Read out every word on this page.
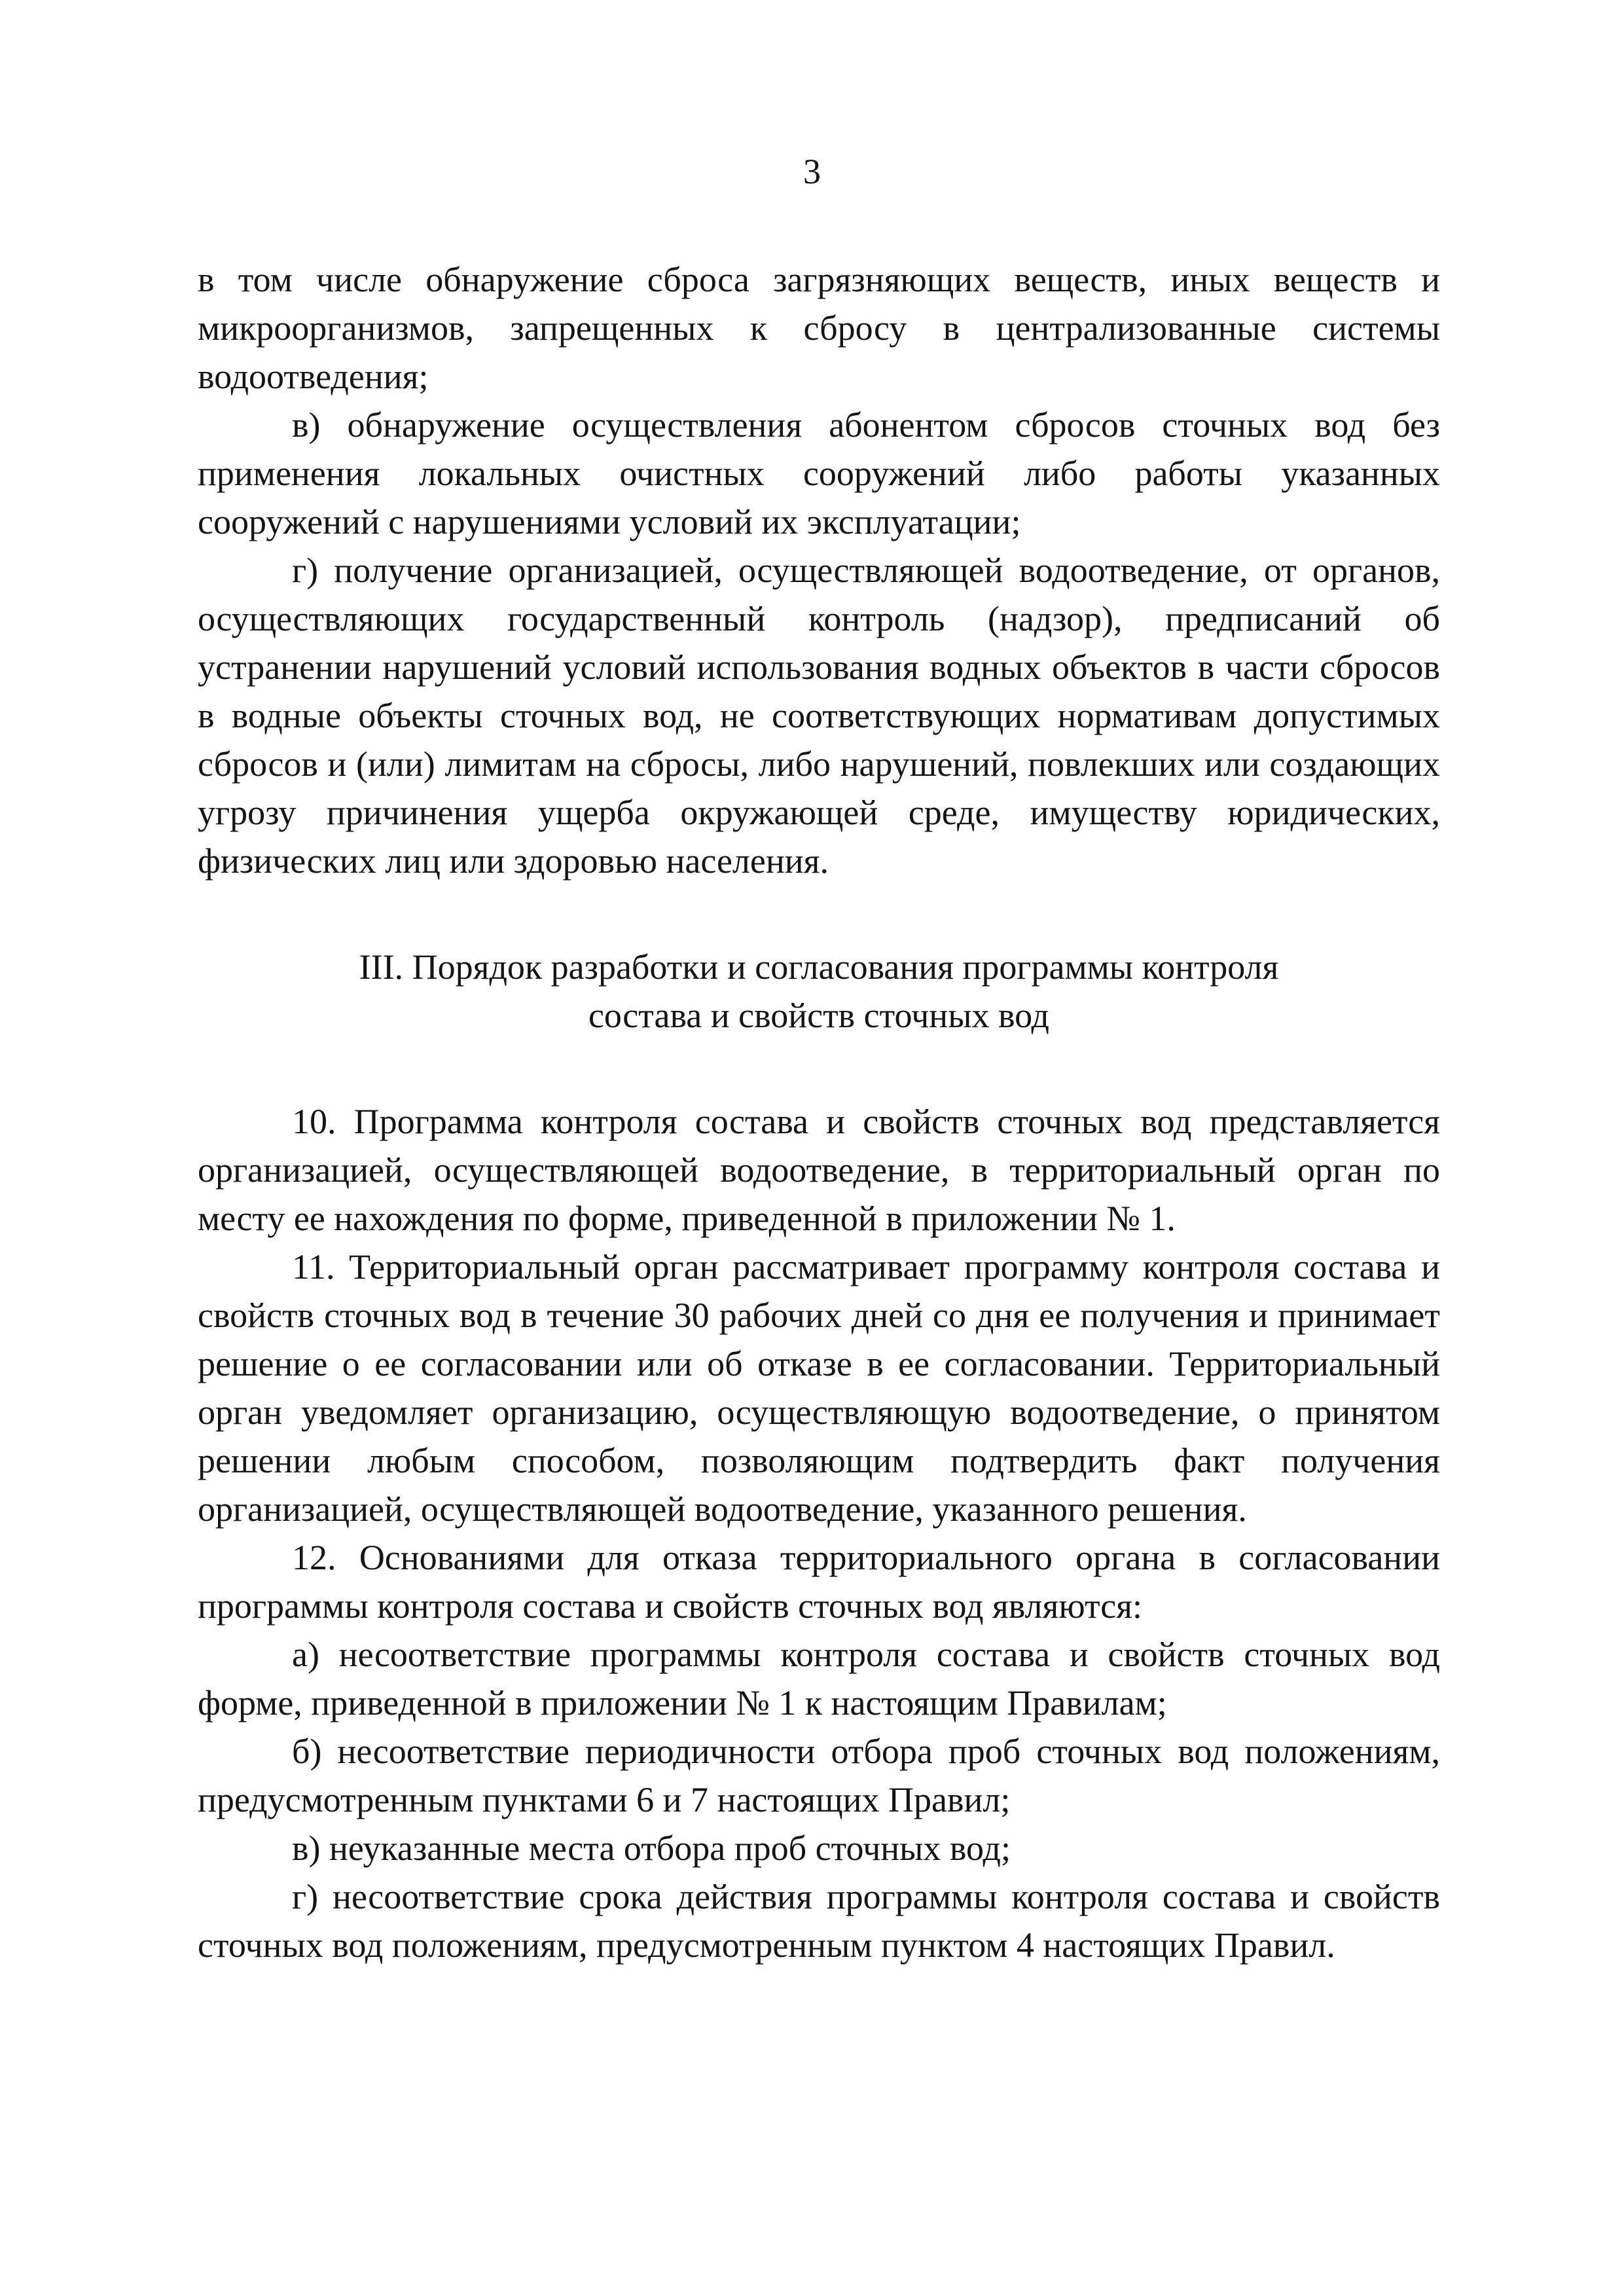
3

в том числе обнаружение сброса загрязняющих веществ, иных веществ и микроорганизмов, запрещенных к сбросу в централизованные системы водоотведения;

в) обнаружение осуществления абонентом сбросов сточных вод без применения локальных очистных сооружений либо работы указанных сооружений с нарушениями условий их эксплуатации;

г) получение организацией, осуществляющей водоотведение, от органов, осуществляющих государственный контроль (надзор), предписаний об устранении нарушений условий использования водных объектов в части сбросов в водные объекты сточных вод, не соответствующих нормативам допустимых сбросов и (или) лимитам на сбросы, либо нарушений, повлекших или создающих угрозу причинения ущерба окружающей среде, имуществу юридических, физических лиц или здоровью населения.

III. Порядок разработки и согласования программы контроля
состава и свойств сточных вод

10. Программа контроля состава и свойств сточных вод представляется организацией, осуществляющей водоотведение, в территориальный орган по месту ее нахождения по форме, приведенной в приложении № 1.

11. Территориальный орган рассматривает программу контроля состава и свойств сточных вод в течение 30 рабочих дней со дня ее получения и принимает решение о ее согласовании или об отказе в ее согласовании. Территориальный орган уведомляет организацию, осуществляющую водоотведение, о принятом решении любым способом, позволяющим подтвердить факт получения организацией, осуществляющей водоотведение, указанного решения.

12. Основаниями для отказа территориального органа в согласовании программы контроля состава и свойств сточных вод являются:

а) несоответствие программы контроля состава и свойств сточных вод форме, приведенной в приложении № 1 к настоящим Правилам;

б) несоответствие периодичности отбора проб сточных вод положениям, предусмотренным пунктами 6 и 7 настоящих Правил;

в) неуказанные места отбора проб сточных вод;

г) несоответствие срока действия программы контроля состава и свойств сточных вод положениям, предусмотренным пунктом 4 настоящих Правил.
